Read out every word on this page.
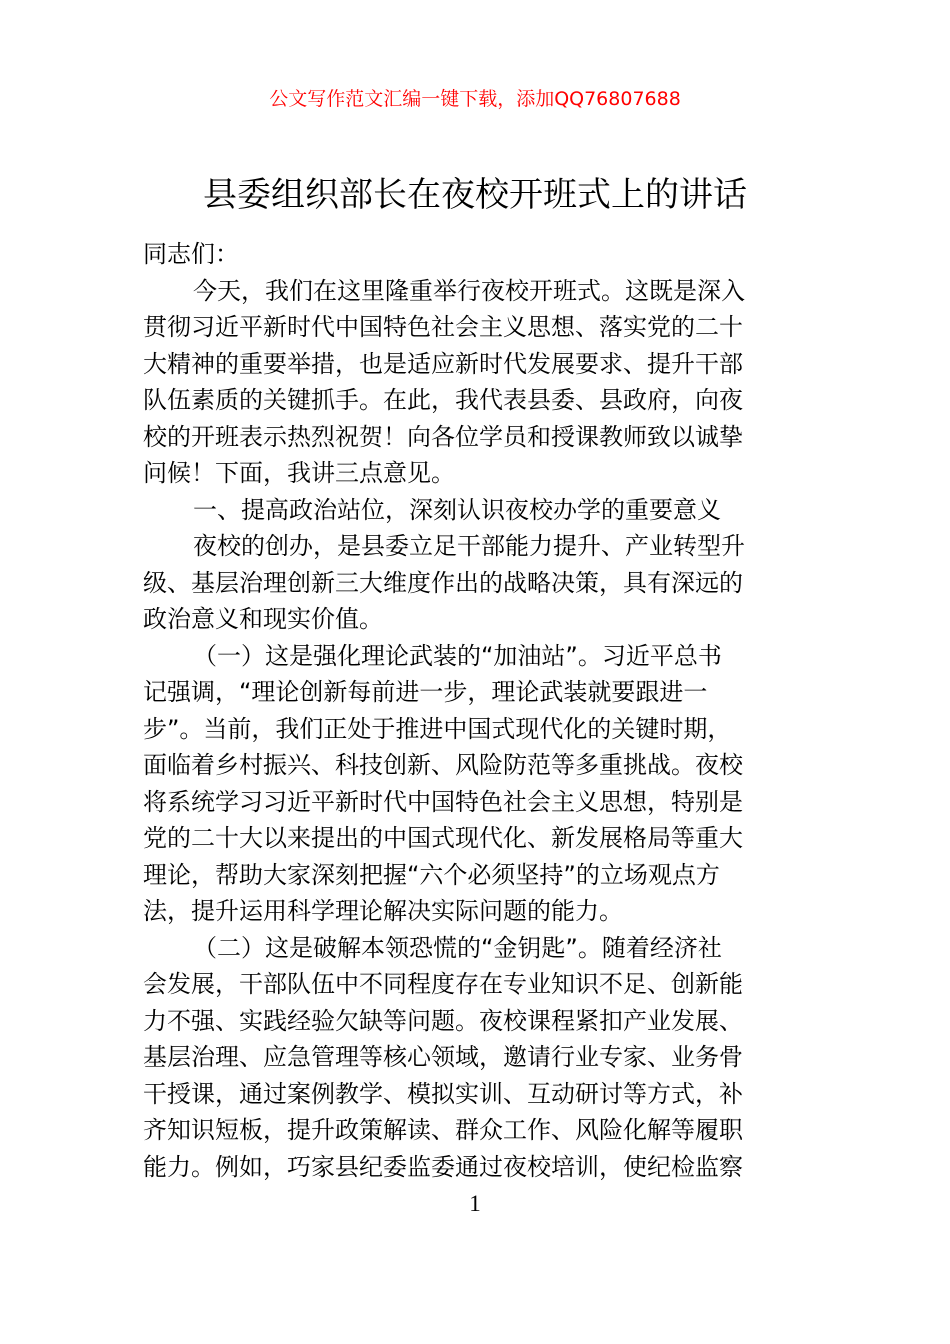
公文写作范文汇编一键下载，添加QQ76807688
县委组织部长在夜校开班式上的讲话
同志们：
今天，我们在这里隆重举行夜校开班式。这既是深入
贯彻习近平新时代中国特色社会主义思想、落实党的二十
大精神的重要举措，也是适应新时代发展要求、提升干部
队伍素质的关键抓手。在此，我代表县委、县政府，向夜
校的开班表示热烈祝贺！向各位学员和授课教师致以诚挚
问候！下面，我讲三点意见。
一、提高政治站位，深刻认识夜校办学的重要意义
夜校的创办，是县委立足干部能力提升、产业转型升
级、基层治理创新三大维度作出的战略决策，具有深远的
政治意义和现实价值。
（一）这是强化理论武装的“加油站”。习近平总书
记强调，“理论创新每前进一步，理论武装就要跟进一
步”。当前，我们正处于推进中国式现代化的关键时期，
面临着乡村振兴、科技创新、风险防范等多重挑战。夜校
将系统学习习近平新时代中国特色社会主义思想，特别是
党的二十大以来提出的中国式现代化、新发展格局等重大
理论，帮助大家深刻把握“六个必须坚持”的立场观点方
法，提升运用科学理论解决实际问题的能力。
（二）这是破解本领恐慌的“金钥匙”。随着经济社
会发展，干部队伍中不同程度存在专业知识不足、创新能
力不强、实践经验欠缺等问题。夜校课程紧扣产业发展、
基层治理、应急管理等核心领域，邀请行业专家、业务骨
干授课，通过案例教学、模拟实训、互动研讨等方式，补
齐知识短板，提升政策解读、群众工作、风险化解等履职
能力。例如，巧家县纪委监委通过夜校培训，使纪检监察
1
